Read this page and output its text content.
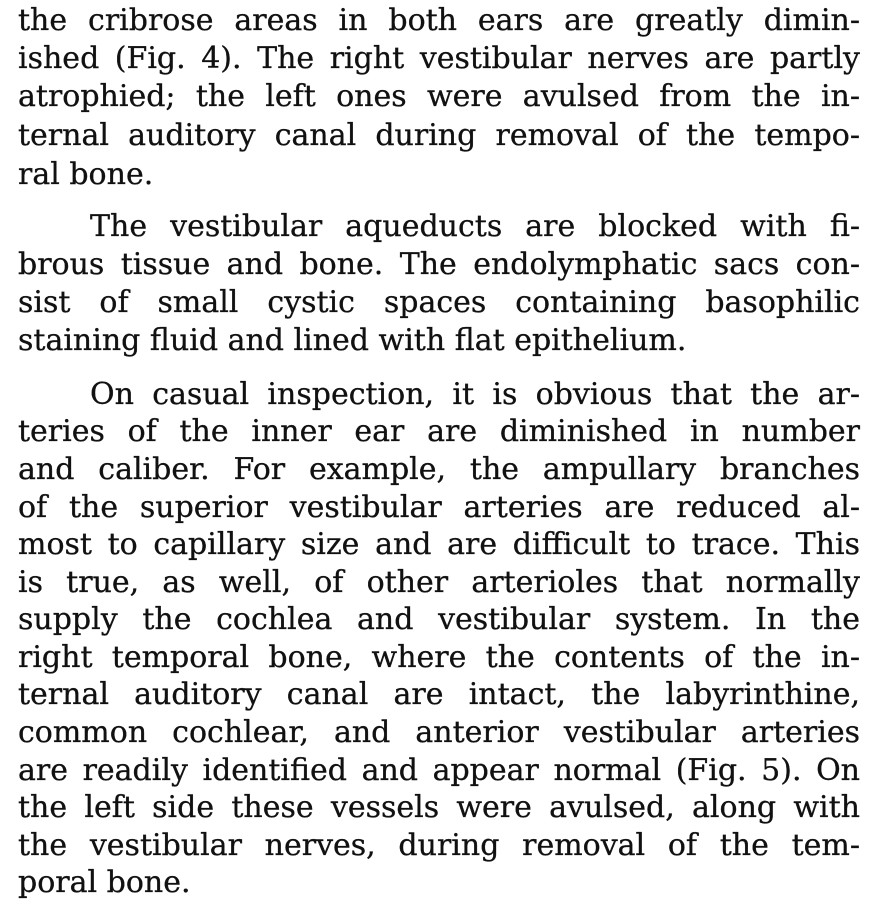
the cribrose areas in both ears are greatly dimin-
ished (Fig. 4). The right vestibular nerves are partly
atrophied; the left ones were avulsed from the in-
ternal auditory canal during removal of the tempo-
ral bone.
The vestibular aqueducts are blocked with fi-
brous tissue and bone. The endolymphatic sacs con-
sist of small cystic spaces containing basophilic
staining fluid and lined with flat epithelium.
On casual inspection, it is obvious that the ar-
teries of the inner ear are diminished in number
and caliber. For example, the ampullary branches
of the superior vestibular arteries are reduced al-
most to capillary size and are difficult to trace. This
is true, as well, of other arterioles that normally
supply the cochlea and vestibular system. In the
right temporal bone, where the contents of the in-
ternal auditory canal are intact, the labyrinthine,
common cochlear, and anterior vestibular arteries
are readily identified and appear normal (Fig. 5). On
the left side these vessels were avulsed, along with
the vestibular nerves, during removal of the tem-
poral bone.
